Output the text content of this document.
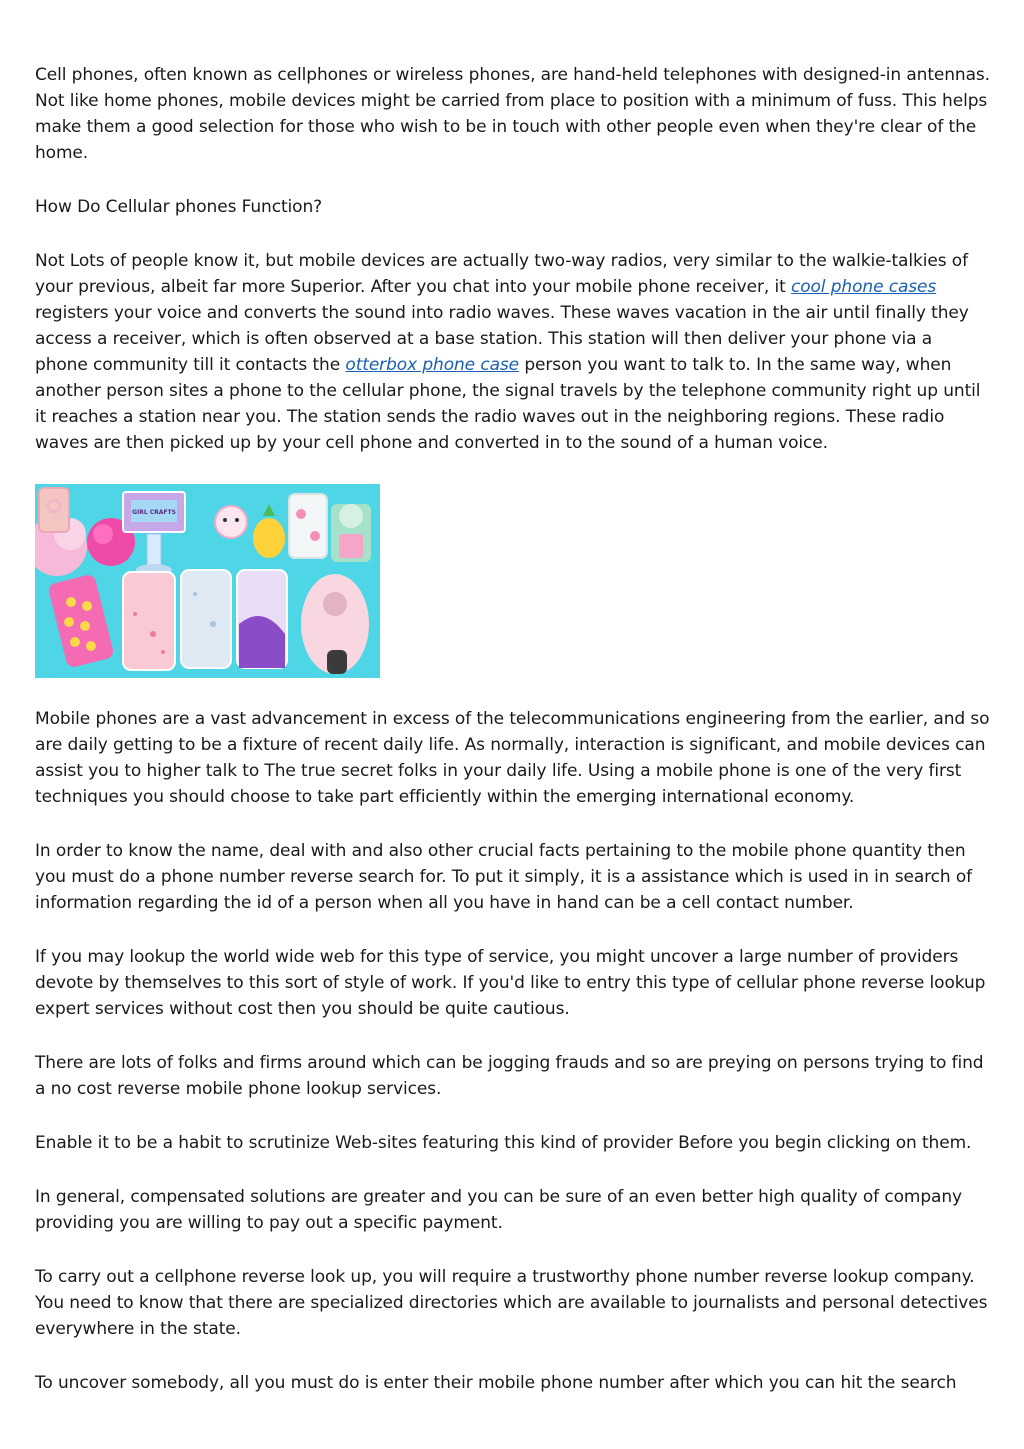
Cell phones, often known as cellphones or wireless phones, are hand-held telephones with designed-in antennas. Not like home phones, mobile devices might be carried from place to position with a minimum of fuss. This helps make them a good selection for those who wish to be in touch with other people even when they're clear of the home.

How Do Cellular phones Function?

Not Lots of people know it, but mobile devices are actually two-way radios, very similar to the walkie-talkies of your previous, albeit far more Superior. After you chat into your mobile phone receiver, it cool phone cases registers your voice and converts the sound into radio waves. These waves vacation in the air until finally they access a receiver, which is often observed at a base station. This station will then deliver your phone via a phone community till it contacts the otterbox phone case person you want to talk to. In the same way, when another person sites a phone to the cellular phone, the signal travels by the telephone community right up until it reaches a station near you. The station sends the radio waves out in the neighboring regions. These radio waves are then picked up by your cell phone and converted in to the sound of a human voice.

GIRL CRAFTS

Mobile phones are a vast advancement in excess of the telecommunications engineering from the earlier, and so are daily getting to be a fixture of recent daily life. As normally, interaction is significant, and mobile devices can assist you to higher talk to The true secret folks in your daily life. Using a mobile phone is one of the very first techniques you should choose to take part efficiently within the emerging international economy.

In order to know the name, deal with and also other crucial facts pertaining to the mobile phone quantity then you must do a phone number reverse search for. To put it simply, it is a assistance which is used in in search of information regarding the id of a person when all you have in hand can be a cell contact number.

If you may lookup the world wide web for this type of service, you might uncover a large number of providers devote by themselves to this sort of style of work. If you'd like to entry this type of cellular phone reverse lookup expert services without cost then you should be quite cautious.

There are lots of folks and firms around which can be jogging frauds and so are preying on persons trying to find a no cost reverse mobile phone lookup services.

Enable it to be a habit to scrutinize Web-sites featuring this kind of provider Before you begin clicking on them.

In general, compensated solutions are greater and you can be sure of an even better high quality of company providing you are willing to pay out a specific payment.

To carry out a cellphone reverse look up, you will require a trustworthy phone number reverse lookup company. You need to know that there are specialized directories which are available to journalists and personal detectives everywhere in the state.

To uncover somebody, all you must do is enter their mobile phone number after which you can hit the search
